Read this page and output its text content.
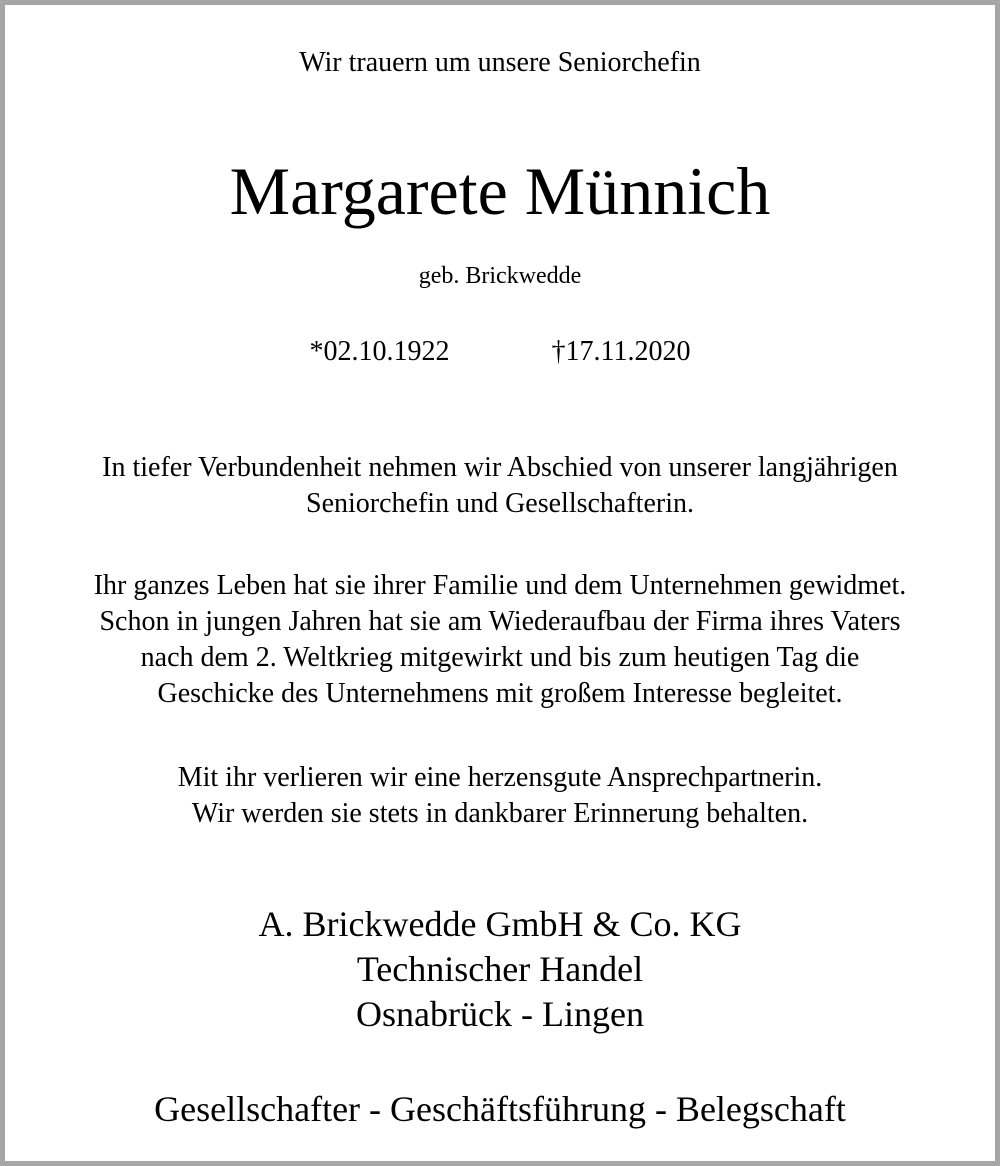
Wir trauern um unsere Seniorchefin
Margarete Münnich
geb. Brickwedde
*02.10.1922	†17.11.2020
In tiefer Verbundenheit nehmen wir Abschied von unserer langjährigen
Seniorchefin und Gesellschafterin.
Ihr ganzes Leben hat sie ihrer Familie und dem Unternehmen gewidmet.
Schon in jungen Jahren hat sie am Wiederaufbau der Firma ihres Vaters
nach dem 2. Weltkrieg mitgewirkt und bis zum heutigen Tag die
Geschicke des Unternehmens mit großem Interesse begleitet.
Mit ihr verlieren wir eine herzensgute Ansprechpartnerin.
Wir werden sie stets in dankbarer Erinnerung behalten.
A. Brickwedde GmbH & Co. KG
Technischer Handel
Osnabrück - Lingen
Gesellschafter - Geschäftsführung - Belegschaft
